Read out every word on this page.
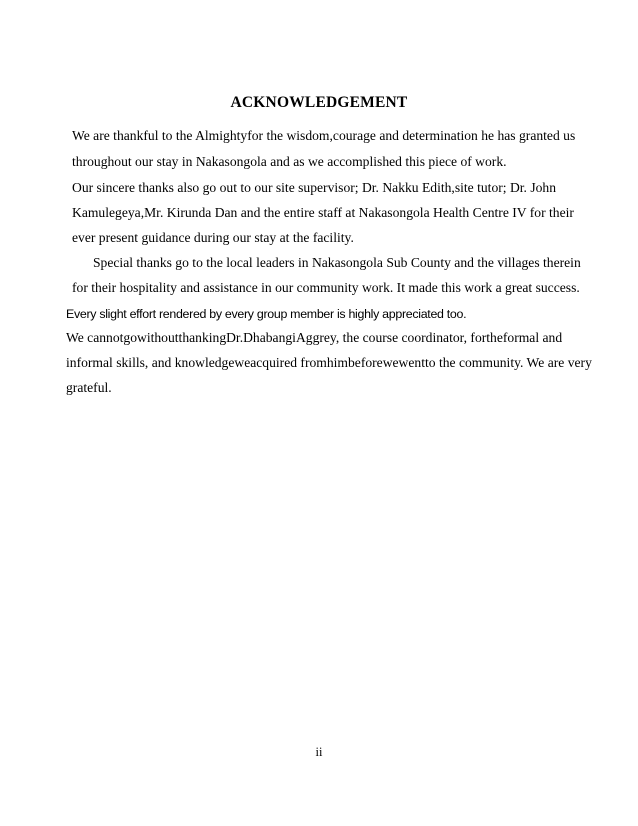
ACKNOWLEDGEMENT
We are thankful to the Almightyfor the wisdom,courage and determination he has granted us
throughout our stay in Nakasongola and as we accomplished this piece of work.
Our sincere thanks also go out to our site supervisor; Dr. Nakku Edith,site tutor; Dr. John
Kamulegeya,Mr. Kirunda Dan and the entire staff at Nakasongola Health Centre IV for their
ever present guidance during our stay at the facility.
Special thanks go to the local leaders in Nakasongola Sub County and the villages therein
for their hospitality and assistance in our community work. It made this work a great success.
Every slight effort rendered by every group member is highly appreciated too.
We cannotgowithoutthankingDr.DhabangiAggrey, the course coordinator, fortheformal and
informal skills, and knowledgeweacquired fromhimbeforewewentto the community. We are very
grateful.
ii
